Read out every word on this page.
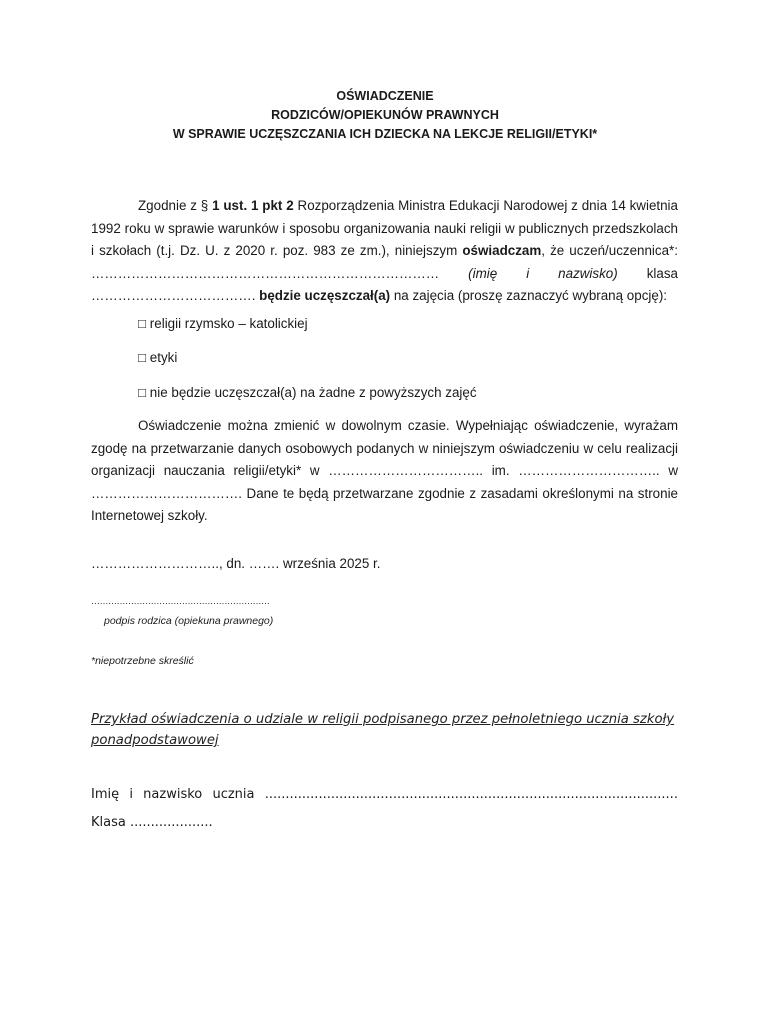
OŚWIADCZENIE
RODZICÓW/OPIEKUNÓW PRAWNYCH
W SPRAWIE UCZĘSZCZANIA ICH DZIECKA NA LEKCJE RELIGII/ETYKI*

Zgodnie z § 1 ust. 1 pkt 2 Rozporządzenia Ministra Edukacji Narodowej z dnia 14 kwietnia 1992 roku w sprawie warunków i sposobu organizowania nauki religii w publicznych przedszkolach i szkołach (t.j. Dz. U. z 2020 r. poz. 983 ze zm.), niniejszym oświadczam, że uczeń/uczennica*: …………………………………………………………………… (imię i nazwisko) klasa ………………………………. będzie uczęszczał(a) na zajęcia (proszę zaznaczyć wybraną opcję):

□ religii rzymsko – katolickiej
□ etyki
□ nie będzie uczęszczał(a) na żadne z powyższych zajęć

Oświadczenie można zmienić w dowolnym czasie. Wypełniając oświadczenie, wyrażam zgodę na przetwarzanie danych osobowych podanych w niniejszym oświadczeniu w celu realizacji organizacji nauczania religii/etyki* w …………………………….. im. ………………………….. w ……………………………. Dane te będą przetwarzane zgodnie z zasadami określonymi na stronie Internetowej szkoły.

……………………….., dn. ……. września 2025 r.
………………………………………………………
podpis rodzica (opiekuna prawnego)
*niepotrzebne skreślić
Przykład oświadczenia o udziale w religii podpisanego przez pełnoletniego ucznia szkoły ponadpodstawowej
Imię i nazwisko ucznia ....................................................................................................
Klasa ....................
